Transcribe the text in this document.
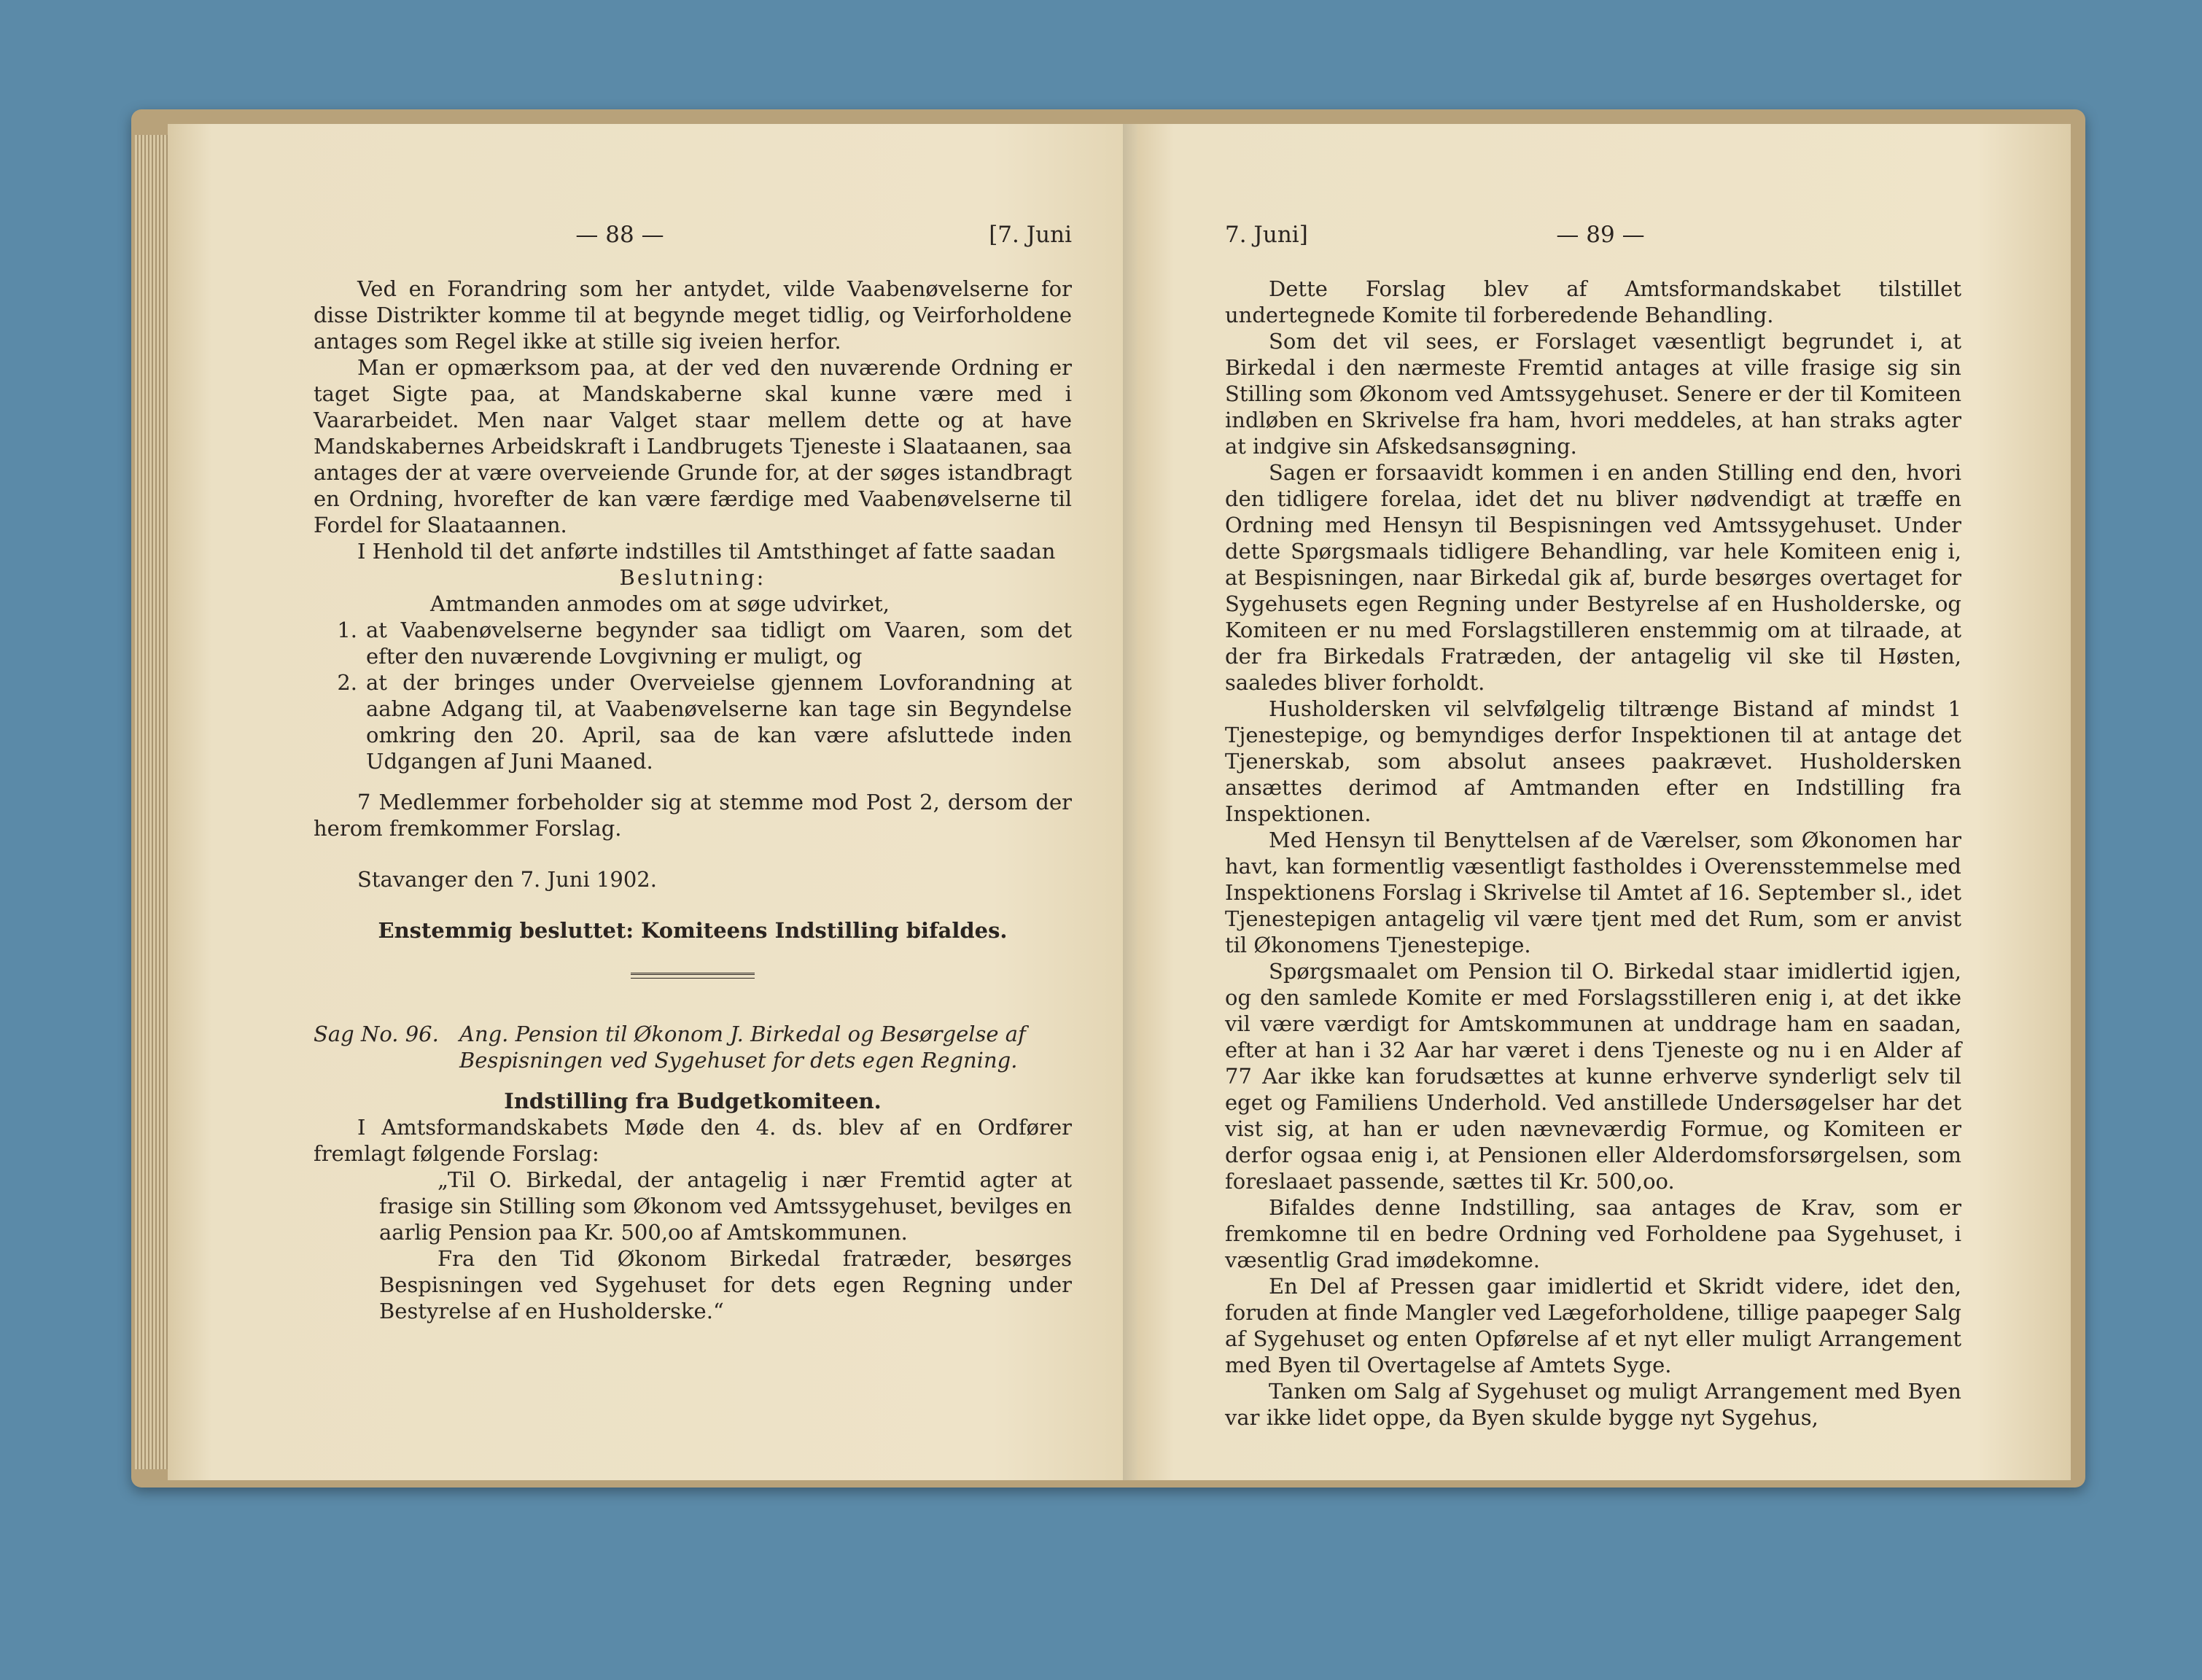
— 88 —	[7. Juni

Ved en Forandring som her antydet, vilde Vaabenøvelserne for disse Distrikter komme til at begynde meget tidlig, og Veirforholdene antages som Regel ikke at stille sig iveien herfor.

Man er opmærksom paa, at der ved den nuværende Ordning er taget Sigte paa, at Mandskaberne skal kunne være med i Vaararbeidet. Men naar Valget staar mellem dette og at have Mandskabernes Arbeidskraft i Landbrugets Tjeneste i Slaataanen, saa antages der at være overveiende Grunde for, at der søges istandbragt en Ordning, hvorefter de kan være færdige med Vaabenøvelserne til Fordel for Slaataannen.

I Henhold til det anførte indstilles til Amtsthinget af fatte saadan

Beslutning:

Amtmanden anmodes om at søge udvirket,

1. at Vaabenøvelserne begynder saa tidligt om Vaaren, som det efter den nuværende Lovgivning er muligt, og
2. at der bringes under Overveielse gjennem Lovforandning at aabne Adgang til, at Vaabenøvelserne kan tage sin Begyndelse omkring den 20. April, saa de kan være afsluttede inden Udgangen af Juni Maaned.

7 Medlemmer forbeholder sig at stemme mod Post 2, dersom der herom fremkommer Forslag.

Stavanger den 7. Juni 1902.

Enstemmig besluttet: Komiteens Indstilling bifaldes.

Sag No. 96. Ang. Pension til Økonom J. Birkedal og Besørgelse af Bespisningen ved Sygehuset for dets egen Regning.

Indstilling fra Budgetkomiteen.

I Amtsformandskabets Møde den 4. ds. blev af en Ordfører fremlagt følgende Forslag:

„Til O. Birkedal, der antagelig i nær Fremtid agter at frasige sin Stilling som Økonom ved Amtssygehuset, bevilges en aarlig Pension paa Kr. 500,oo af Amtskommunen.

Fra den Tid Økonom Birkedal fratræder, besørges Bespisningen ved Sygehuset for dets egen Regning under Bestyrelse af en Husholderske.“

7. Juni]	— 89 —

Dette Forslag blev af Amtsformandskabet tilstillet undertegnede Komite til forberedende Behandling.

Som det vil sees, er Forslaget væsentligt begrundet i, at Birkedal i den nærmeste Fremtid antages at ville frasige sig sin Stilling som Økonom ved Amtssygehuset. Senere er der til Komiteen indløben en Skrivelse fra ham, hvori meddeles, at han straks agter at indgive sin Afskedsansøgning.

Sagen er forsaavidt kommen i en anden Stilling end den, hvori den tidligere forelaa, idet det nu bliver nødvendigt at træffe en Ordning med Hensyn til Bespisningen ved Amtssygehuset. Under dette Spørgsmaals tidligere Behandling, var hele Komiteen enig i, at Bespisningen, naar Birkedal gik af, burde besørges overtaget for Sygehusets egen Regning under Bestyrelse af en Husholderske, og Komiteen er nu med Forslagstilleren enstemmig om at tilraade, at der fra Birkedals Fratræden, der antagelig vil ske til Høsten, saaledes bliver forholdt.

Husholdersken vil selvfølgelig tiltrænge Bistand af mindst 1 Tjenestepige, og bemyndiges derfor Inspektionen til at antage det Tjenerskab, som absolut ansees paakrævet. Husholdersken ansættes derimod af Amtmanden efter en Indstilling fra Inspektionen.

Med Hensyn til Benyttelsen af de Værelser, som Økonomen har havt, kan formentlig væsentligt fastholdes i Overensstemmelse med Inspektionens Forslag i Skrivelse til Amtet af 16. September sl., idet Tjenestepigen antagelig vil være tjent med det Rum, som er anvist til Økonomens Tjenestepige.

Spørgsmaalet om Pension til O. Birkedal staar imidlertid igjen, og den samlede Komite er med Forslagsstilleren enig i, at det ikke vil være værdigt for Amtskommunen at unddrage ham en saadan, efter at han i 32 Aar har været i dens Tjeneste og nu i en Alder af 77 Aar ikke kan forudsættes at kunne erhverve synderligt selv til eget og Familiens Underhold. Ved anstillede Undersøgelser har det vist sig, at han er uden nævneværdig Formue, og Komiteen er derfor ogsaa enig i, at Pensionen eller Alderdomsforsørgelsen, som foreslaaet passende, sættes til Kr. 500,oo.

Bifaldes denne Indstilling, saa antages de Krav, som er fremkomne til en bedre Ordning ved Forholdene paa Sygehuset, i væsentlig Grad imødekomne.

En Del af Pressen gaar imidlertid et Skridt videre, idet den, foruden at finde Mangler ved Lægeforholdene, tillige paapeger Salg af Sygehuset og enten Opførelse af et nyt eller muligt Arrangement med Byen til Overtagelse af Amtets Syge.

Tanken om Salg af Sygehuset og muligt Arrangement med Byen var ikke lidet oppe, da Byen skulde bygge nyt Sygehus,
